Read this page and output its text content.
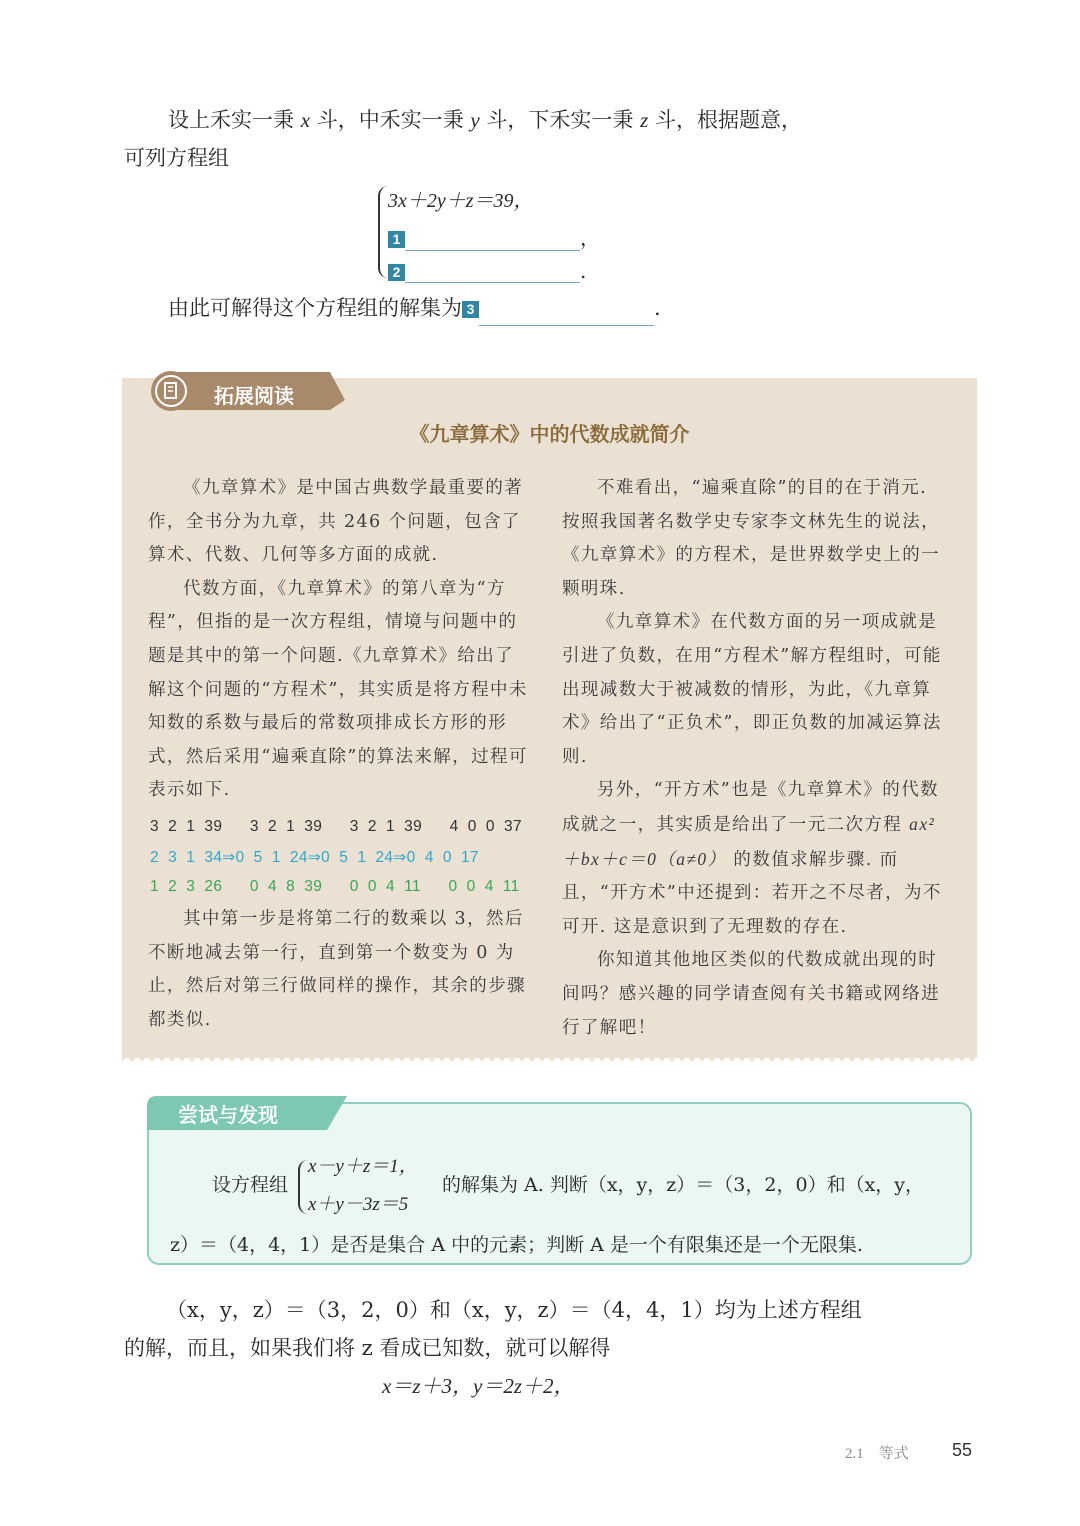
设上禾实一秉 x 斗，中禾实一秉 y 斗，下禾实一秉 z 斗，根据题意，
可列方程组
3x＋2y＋z＝39，
1	，
2	.
由此可解得这个方程组的解集为 3	.
拓展阅读
《九章算术》中的代数成就简介

《九章算术》是中国古典数学最重要的著作，全书分为九章，共 246 个问题，包含了算术、代数、几何等多方面的成就.

代数方面，《九章算术》的第八章为“方程”，但指的是一次方程组，情境与问题中的题是其中的第一个问题.《九章算术》给出了解这个问题的“方程术”，其实质是将方程中未知数的系数与最后的常数项排成长方形的形式，然后采用“遍乘直除”的算法来解，过程可表示如下.

3  2  1  39      3  2  1  39      3  2  1  39      4  0  0  37
2  3  1  34⇒0  5  1  24⇒0  5  1  24⇒0  4  0  17
1  2  3  26      0  4  8  39      0  0  4  11      0  0  4  11

其中第一步是将第二行的数乘以 3，然后不断地减去第一行，直到第一个数变为 0 为止，然后对第三行做同样的操作，其余的步骤都类似.

不难看出，“遍乘直除”的目的在于消元. 按照我国著名数学史专家李文林先生的说法，《九章算术》的方程术，是世界数学史上的一颗明珠.

《九章算术》在代数方面的另一项成就是引进了负数，在用“方程术”解方程组时，可能出现减数大于被减数的情形，为此，《九章算术》给出了“正负术”，即正负数的加减运算法则.

另外，“开方术”也是《九章算术》的代数成就之一，其实质是给出了一元二次方程 ax²＋bx＋c＝0（a≠0） 的数值求解步骤. 而且，“开方术”中还提到：若开之不尽者，为不可开. 这是意识到了无理数的存在.

你知道其他地区类似的代数成就出现的时间吗？感兴趣的同学请查阅有关书籍或网络进行了解吧！

尝试与发现
设方程组
x－y＋z＝1，
x＋y－3z＝5
的解集为 A. 判断（x，y，z）＝（3，2，0）和（x，y，
z）＝（4，4，1）是否是集合 A 中的元素；判断 A 是一个有限集还是一个无限集.
（x，y，z）＝（3，2，0）和（x，y，z）＝（4，4，1）均为上述方程组
的解，而且，如果我们将 z 看成已知数，就可以解得
x＝z＋3，y＝2z＋2，
2.1　等式 55
